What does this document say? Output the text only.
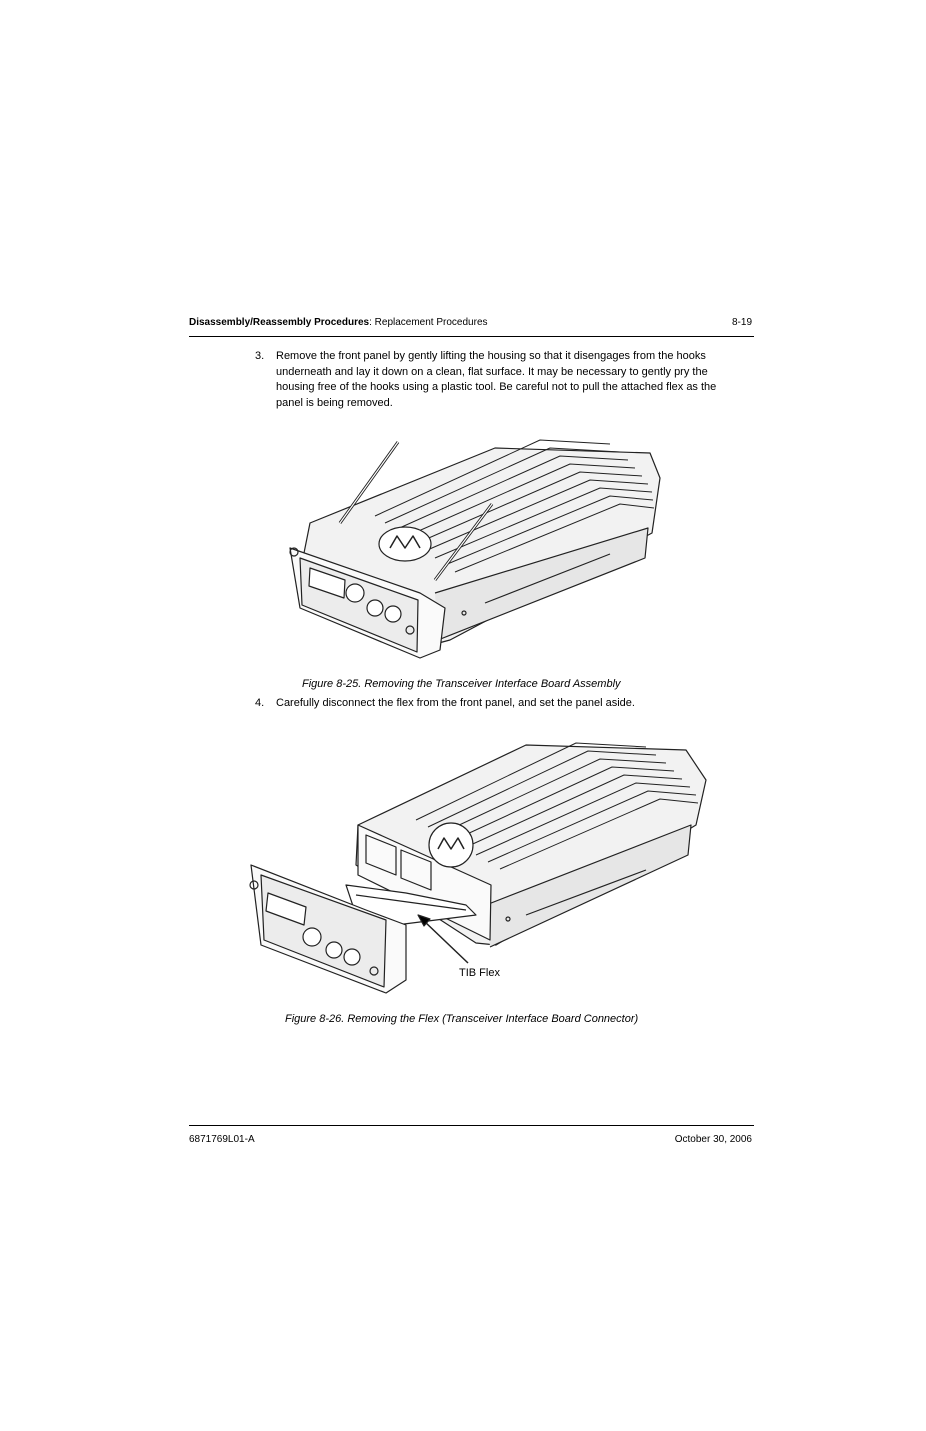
Disassembly/Reassembly Procedures: Replacement Procedures	8-19
3. Remove the front panel by gently lifting the housing so that it disengages from the hooks underneath and lay it down on a clean, flat surface. It may be necessary to gently pry the housing free of the hooks using a plastic tool. Be careful not to pull the attached flex as the panel is being removed.
Figure 8-25. Removing the Transceiver Interface Board Assembly
4. Carefully disconnect the flex from the front panel, and set the panel aside.
TIB Flex
Figure 8-26. Removing the Flex (Transceiver Interface Board Connector)
6871769L01-A	October 30, 2006
